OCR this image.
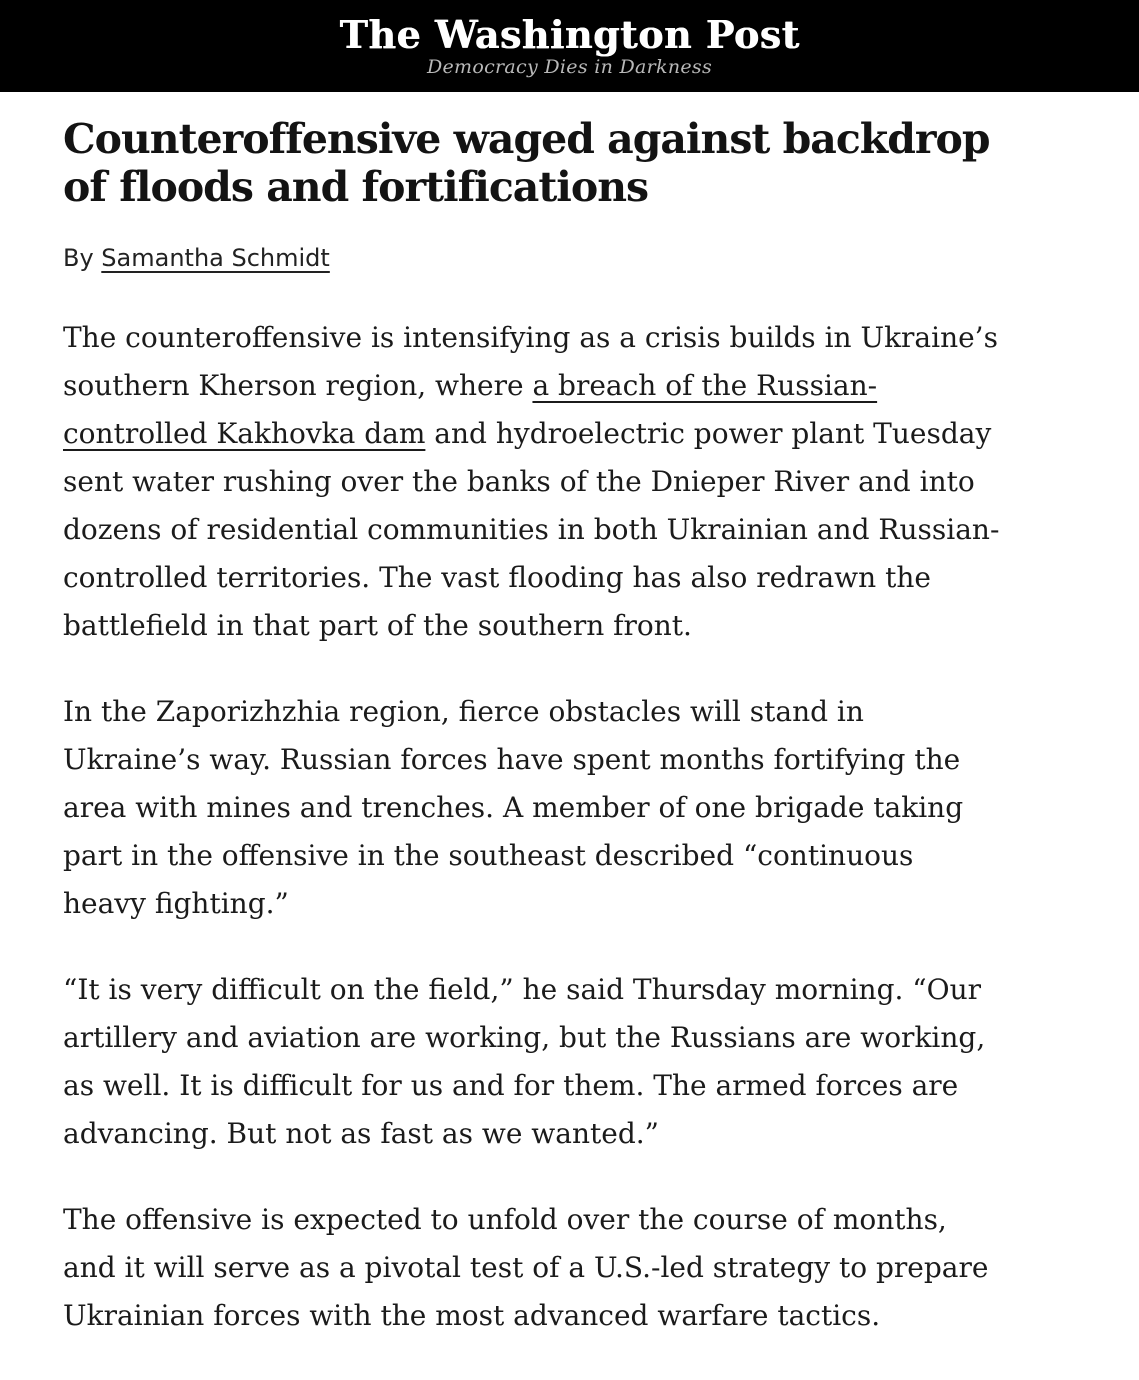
The Washington Post
Democracy Dies in Darkness
Counteroffensive waged against backdrop of floods and fortifications
By Samantha Schmidt

The counteroffensive is intensifying as a crisis builds in Ukraine’s southern Kherson region, where a breach of the Russian-controlled Kakhovka dam and hydroelectric power plant Tuesday sent water rushing over the banks of the Dnieper River and into dozens of residential communities in both Ukrainian and Russian-controlled territories. The vast flooding has also redrawn the battlefield in that part of the southern front.

In the Zaporizhzhia region, fierce obstacles will stand in Ukraine’s way. Russian forces have spent months fortifying the area with mines and trenches. A member of one brigade taking part in the offensive in the southeast described “continuous heavy fighting.”

“It is very difficult on the field,” he said Thursday morning. “Our artillery and aviation are working, but the Russians are working, as well. It is difficult for us and for them. The armed forces are advancing. But not as fast as we wanted.”

The offensive is expected to unfold over the course of months, and it will serve as a pivotal test of a U.S.-led strategy to prepare Ukrainian forces with the most advanced warfare tactics.
